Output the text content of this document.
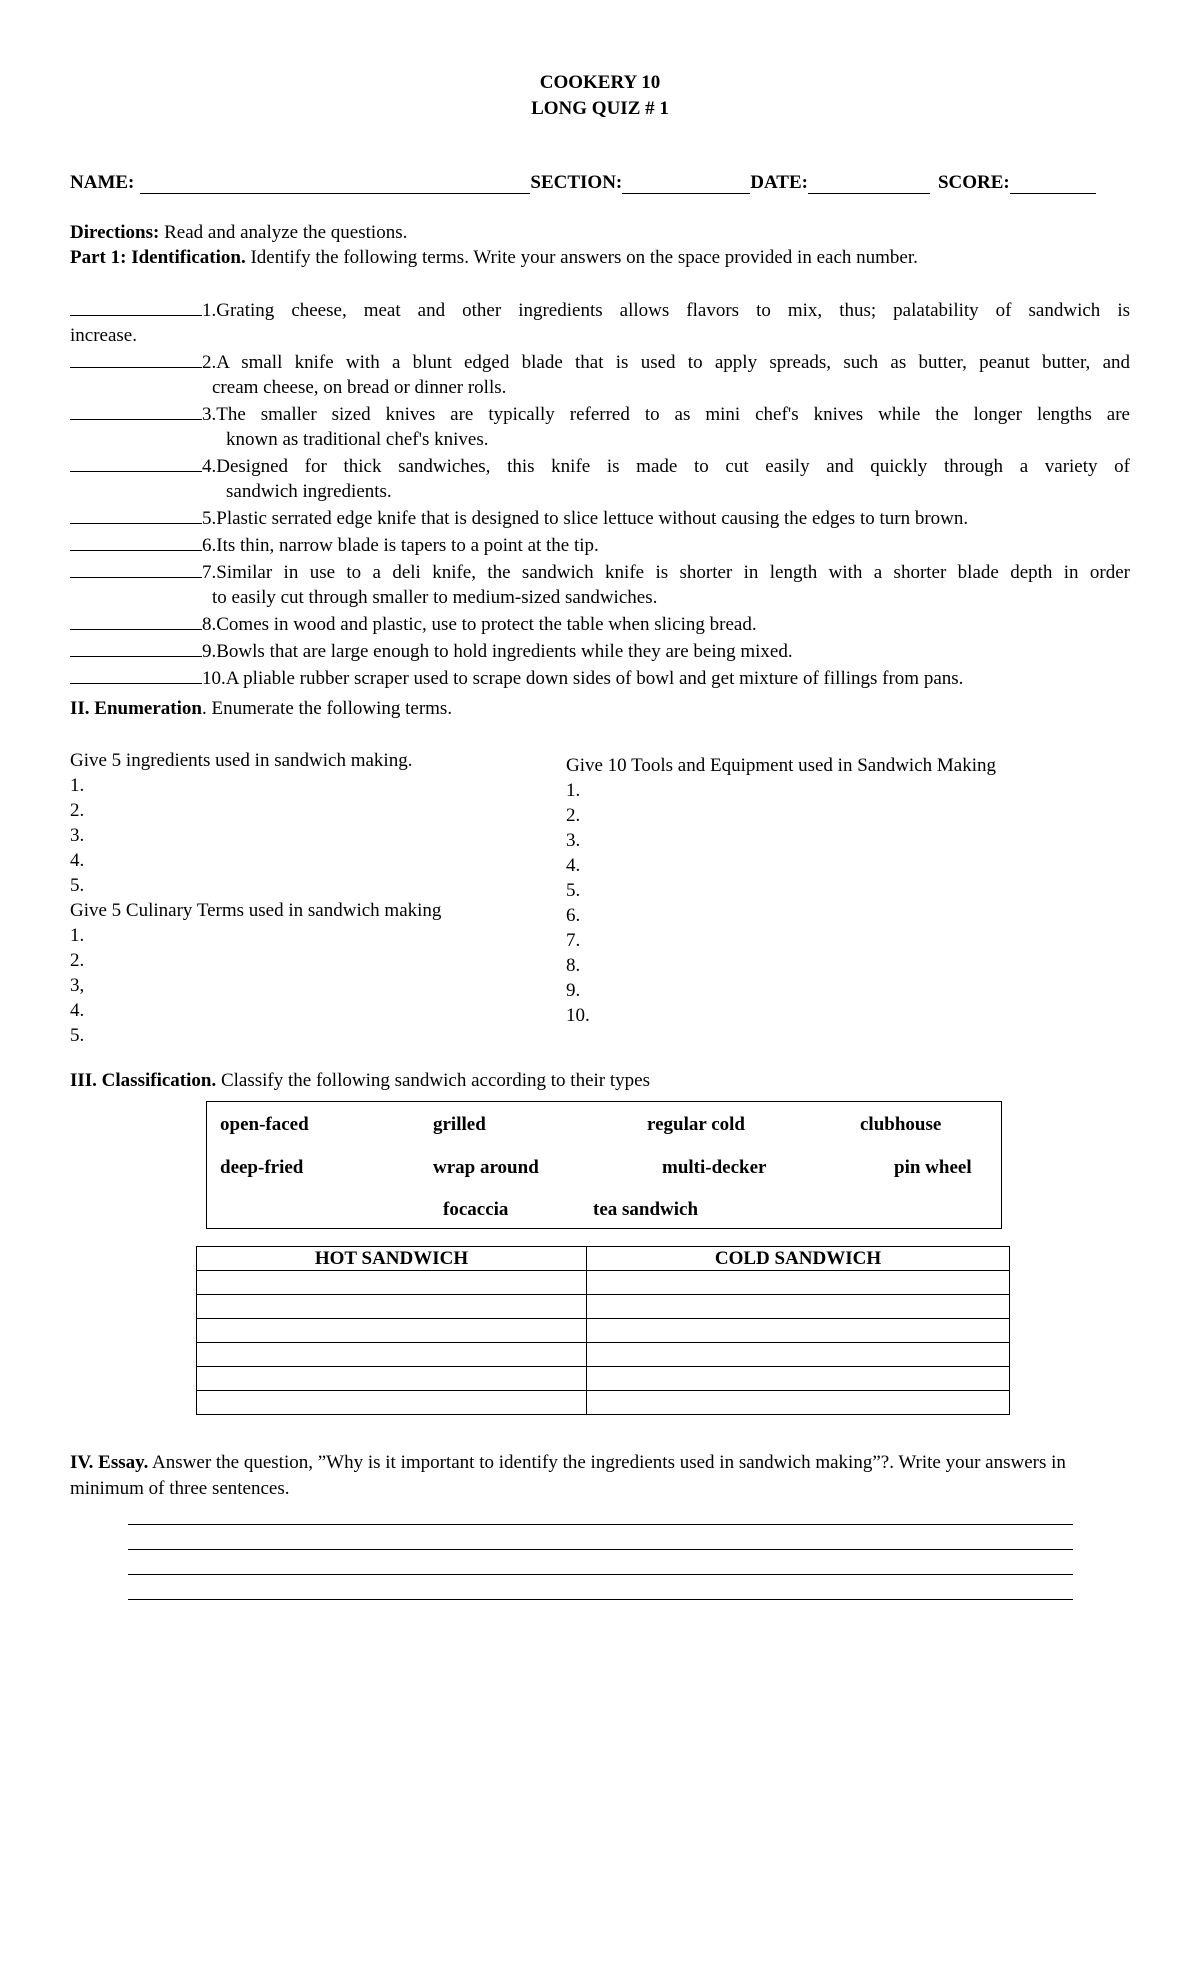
COOKERY 10
LONG QUIZ # 1
NAME:	SECTION:	DATE:	SCORE:
Directions: Read and analyze the questions.
Part 1: Identification. Identify the following terms. Write your answers on the space provided in each number.
1. Grating cheese, meat and other ingredients allows flavors to mix, thus; palatability of sandwich is
increase.
2. A small knife with a blunt edged blade that is used to apply spreads, such as butter, peanut butter, and
cream cheese, on bread or dinner rolls.
3. The smaller sized knives are typically referred to as mini chef's knives while the longer lengths are
known as traditional chef's knives.
4. Designed for thick sandwiches, this knife is made to cut easily and quickly through a variety of
sandwich ingredients.
5. Plastic serrated edge knife that is designed to slice lettuce without causing the edges to turn brown.
6. Its thin, narrow blade is tapers to a point at the tip.
7. Similar in use to a deli knife, the sandwich knife is shorter in length with a shorter blade depth in order
to easily cut through smaller to medium-sized sandwiches.
8. Comes in wood and plastic, use to protect the table when slicing bread.
9. Bowls that are large enough to hold ingredients while they are being mixed.
10. A pliable rubber scraper used to scrape down sides of bowl and get mixture of fillings from pans.
II. Enumeration. Enumerate the following terms.
Give 5 ingredients used in sandwich making.
1.
2.
3.
4.
5.
Give 5 Culinary Terms used in sandwich making
1.
2.
3,
4.
5.
Give 10 Tools and Equipment used in Sandwich Making
1.
2.
3.
4.
5.
6.
7.
8.
9.
10.
III. Classification. Classify the following sandwich according to their types
open-faced	grilled	regular cold	clubhouse
deep-fried	wrap around	multi-decker	pin wheel
focaccia	tea sandwich
HOT SANDWICH	COLD SANDWICH

IV. Essay. Answer the question, ”Why is it important to identify the ingredients used in sandwich making”?. Write your answers in minimum of three sentences.
